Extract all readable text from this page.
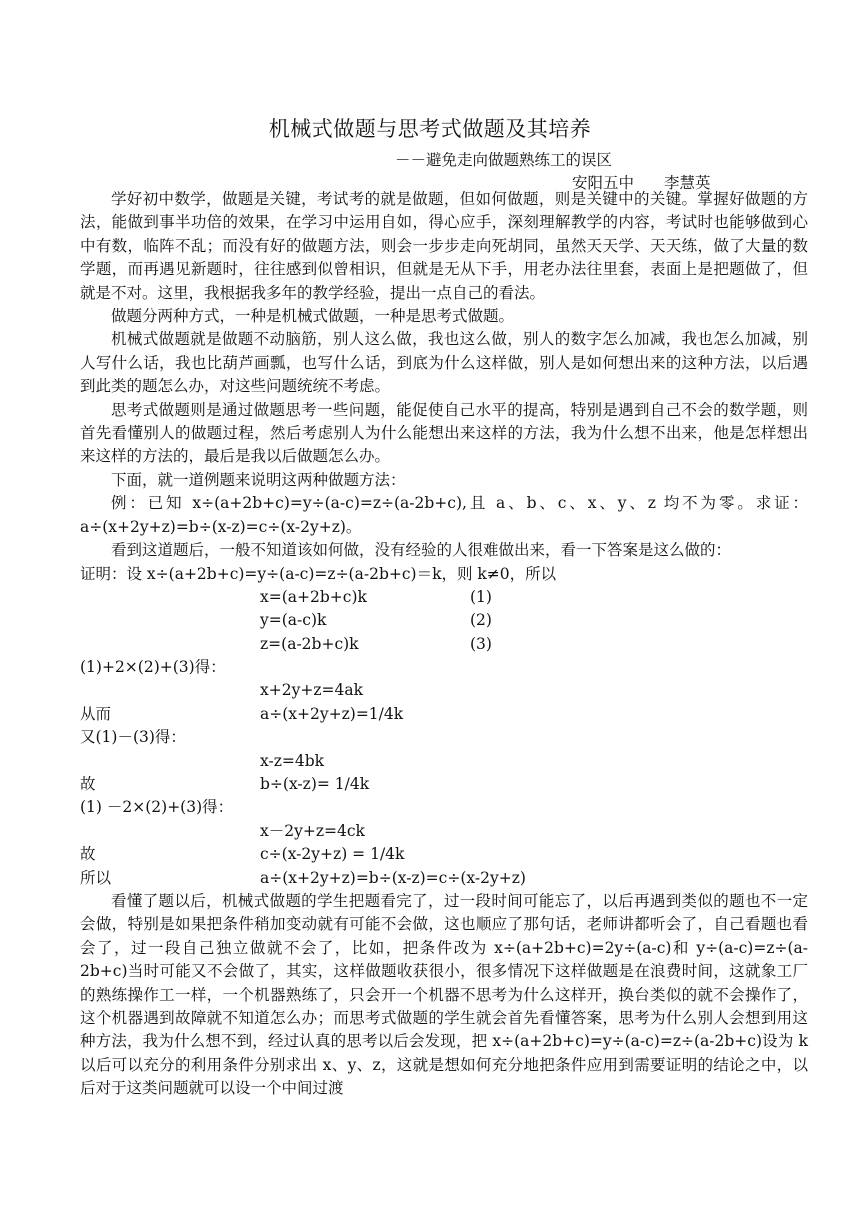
机械式做题与思考式做题及其培养
－－避免走向做题熟练工的误区
安阳五中 李慧英

学好初中数学，做题是关键，考试考的就是做题，但如何做题，则是关键中的关键。掌握好做题的方法，能做到事半功倍的效果，在学习中运用自如，得心应手，深刻理解教学的内容，考试时也能够做到心中有数，临阵不乱；而没有好的做题方法，则会一步步走向死胡同，虽然天天学、天天练，做了大量的数学题，而再遇见新题时，往往感到似曾相识，但就是无从下手，用老办法往里套，表面上是把题做了，但就是不对。这里，我根据我多年的教学经验，提出一点自己的看法。

做题分两种方式，一种是机械式做题，一种是思考式做题。

机械式做题就是做题不动脑筋，别人这么做，我也这么做，别人的数字怎么加减，我也怎么加减，别人写什么话，我也比葫芦画瓢，也写什么话，到底为什么这样做，别人是如何想出来的这种方法，以后遇到此类的题怎么办，对这些问题统统不考虑。

思考式做题则是通过做题思考一些问题，能促使自己水平的提高，特别是遇到自己不会的数学题，则首先看懂别人的做题过程，然后考虑别人为什么能想出来这样的方法，我为什么想不出来，他是怎样想出来这样的方法的，最后是我以后做题怎么办。

下面，就一道例题来说明这两种做题方法：

例：已知 x÷(a+2b+c)=y÷(a-c)=z÷(a-2b+c),且 a、b、c、x、y、z 均不为零。求证：a÷(x+2y+z)=b÷(x-z)=c÷(x-2y+z)。

看到这道题后，一般不知道该如何做，没有经验的人很难做出来，看一下答案是这么做的：

证明：设 x÷(a+2b+c)=y÷(a-c)=z÷(a-2b+c)＝k，则 k≠0，所以

x=(a+2b+c)k	(1)
y=(a-c)k	(2)
z=(a-2b+c)k	(3)
(1)+2×(2)+(3)得：
x+2y+z=4ak
从而	a÷(x+2y+z)=1/4k
又(1)－(3)得：
x-z=4bk
故	b÷(x-z)= 1/4k
(1) －2×(2)+(3)得：
x－2y+z=4ck
故	c÷(x-2y+z) = 1/4k
所以	a÷(x+2y+z)=b÷(x-z)=c÷(x-2y+z)

看懂了题以后，机械式做题的学生把题看完了，过一段时间可能忘了，以后再遇到类似的题也不一定会做，特别是如果把条件稍加变动就有可能不会做，这也顺应了那句话，老师讲都听会了，自己看题也看会了，过一段自己独立做就不会了，比如，把条件改为 x÷(a+2b+c)=2y÷(a-c)和 y÷(a-c)=z÷(a-2b+c)当时可能又不会做了，其实，这样做题收获很小，很多情况下这样做题是在浪费时间，这就象工厂的熟练操作工一样，一个机器熟练了，只会开一个机器不思考为什么这样开，换台类似的就不会操作了，这个机器遇到故障就不知道怎么办；而思考式做题的学生就会首先看懂答案，思考为什么别人会想到用这种方法，我为什么想不到，经过认真的思考以后会发现，把 x÷(a+2b+c)=y÷(a-c)=z÷(a-2b+c)设为 k 以后可以充分的利用条件分别求出 x、y、z，这就是想如何充分地把条件应用到需要证明的结论之中，以后对于这类问题就可以设一个中间过渡
